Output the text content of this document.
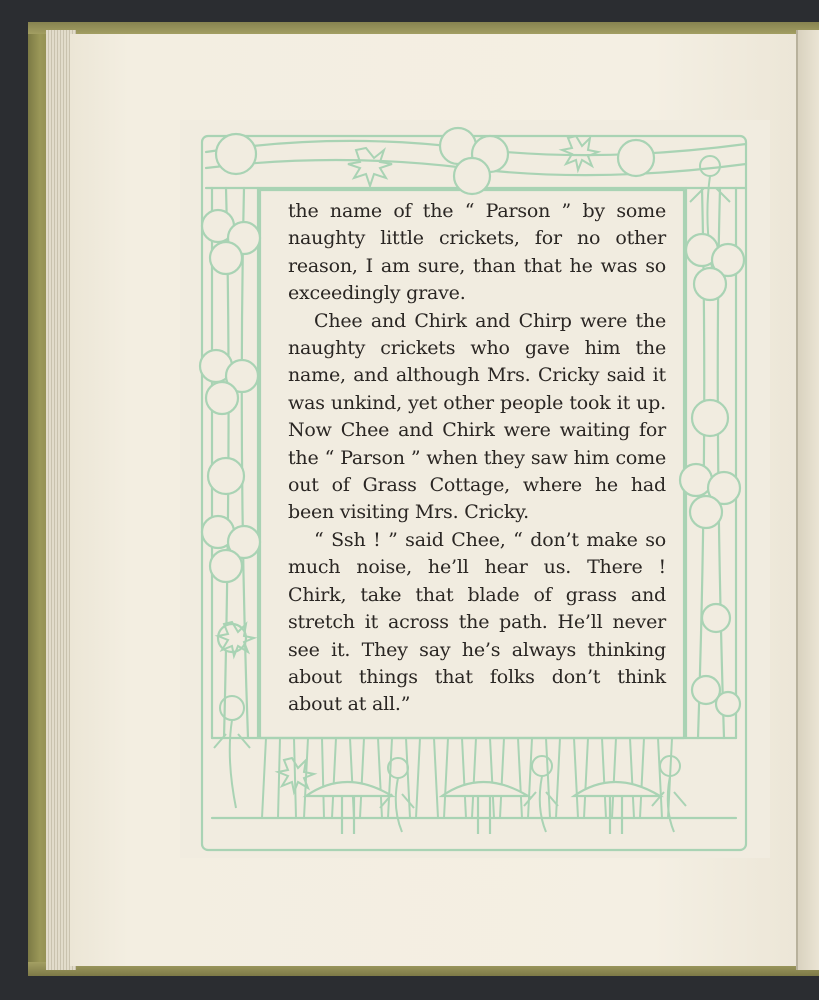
the name of the “ Parson ” by some naughty little crickets, for no other reason, I am sure, than that he was so exceedingly grave.

Chee and Chirk and Chirp were the naughty crickets who gave him the name, and although Mrs. Cricky said it was unkind, yet other people took it up. Now Chee and Chirk were waiting for the “ Parson ” when they saw him come out of Grass Cottage, where he had been visiting Mrs. Cricky.

“ Ssh ! ” said Chee, “ don’t make so much noise, he’ll hear us. There ! Chirk, take that blade of grass and stretch it across the path. He’ll never see it. They say he’s always thinking about things that folks don’t think about at all.”
